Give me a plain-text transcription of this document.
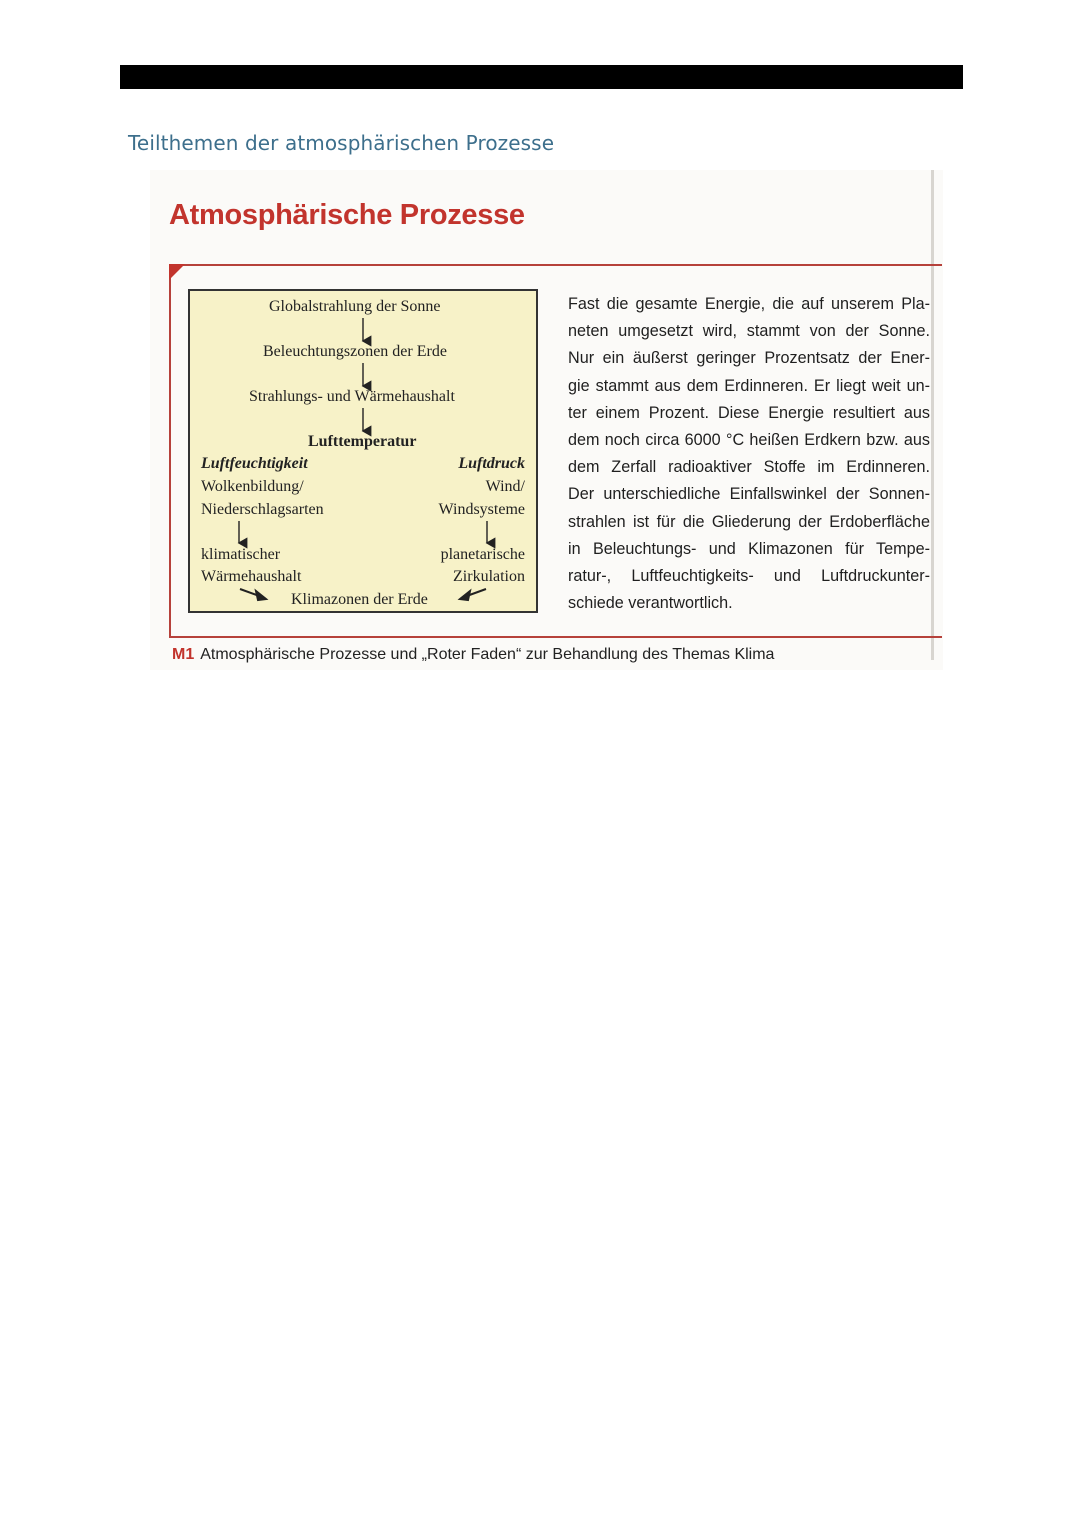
Teilthemen der atmosphärischen Prozesse
Atmosphärische Prozesse
Globalstrahlung der Sonne
Beleuchtungszonen der Erde
Strahlungs- und Wärmehaushalt
Lufttemperatur
Luftfeuchtigkeit
Wolkenbildung/
Niederschlagsarten
Luftdruck
Wind/
Windsysteme
klimatischer
Wärmehaushalt
planetarische
Zirkulation
Klimazonen der Erde
Fast die gesamte Energie, die auf unserem Pla-
neten umgesetzt wird, stammt von der Sonne.
Nur ein äußerst geringer Prozentsatz der Ener-
gie stammt aus dem Erdinneren. Er liegt weit un-
ter einem Prozent. Diese Energie resultiert aus
dem noch circa 6000 °C heißen Erdkern bzw. aus
dem Zerfall radioaktiver Stoffe im Erdinneren.
Der unterschiedliche Einfallswinkel der Sonnen-
strahlen ist für die Gliederung der Erdoberfläche
in Beleuchtungs- und Klimazonen für Tempe-
ratur-, Luftfeuchtigkeits- und Luftdruckunter-
schiede verantwortlich.
M1 Atmosphärische Prozesse und „Roter Faden“ zur Behandlung des Themas Klima
